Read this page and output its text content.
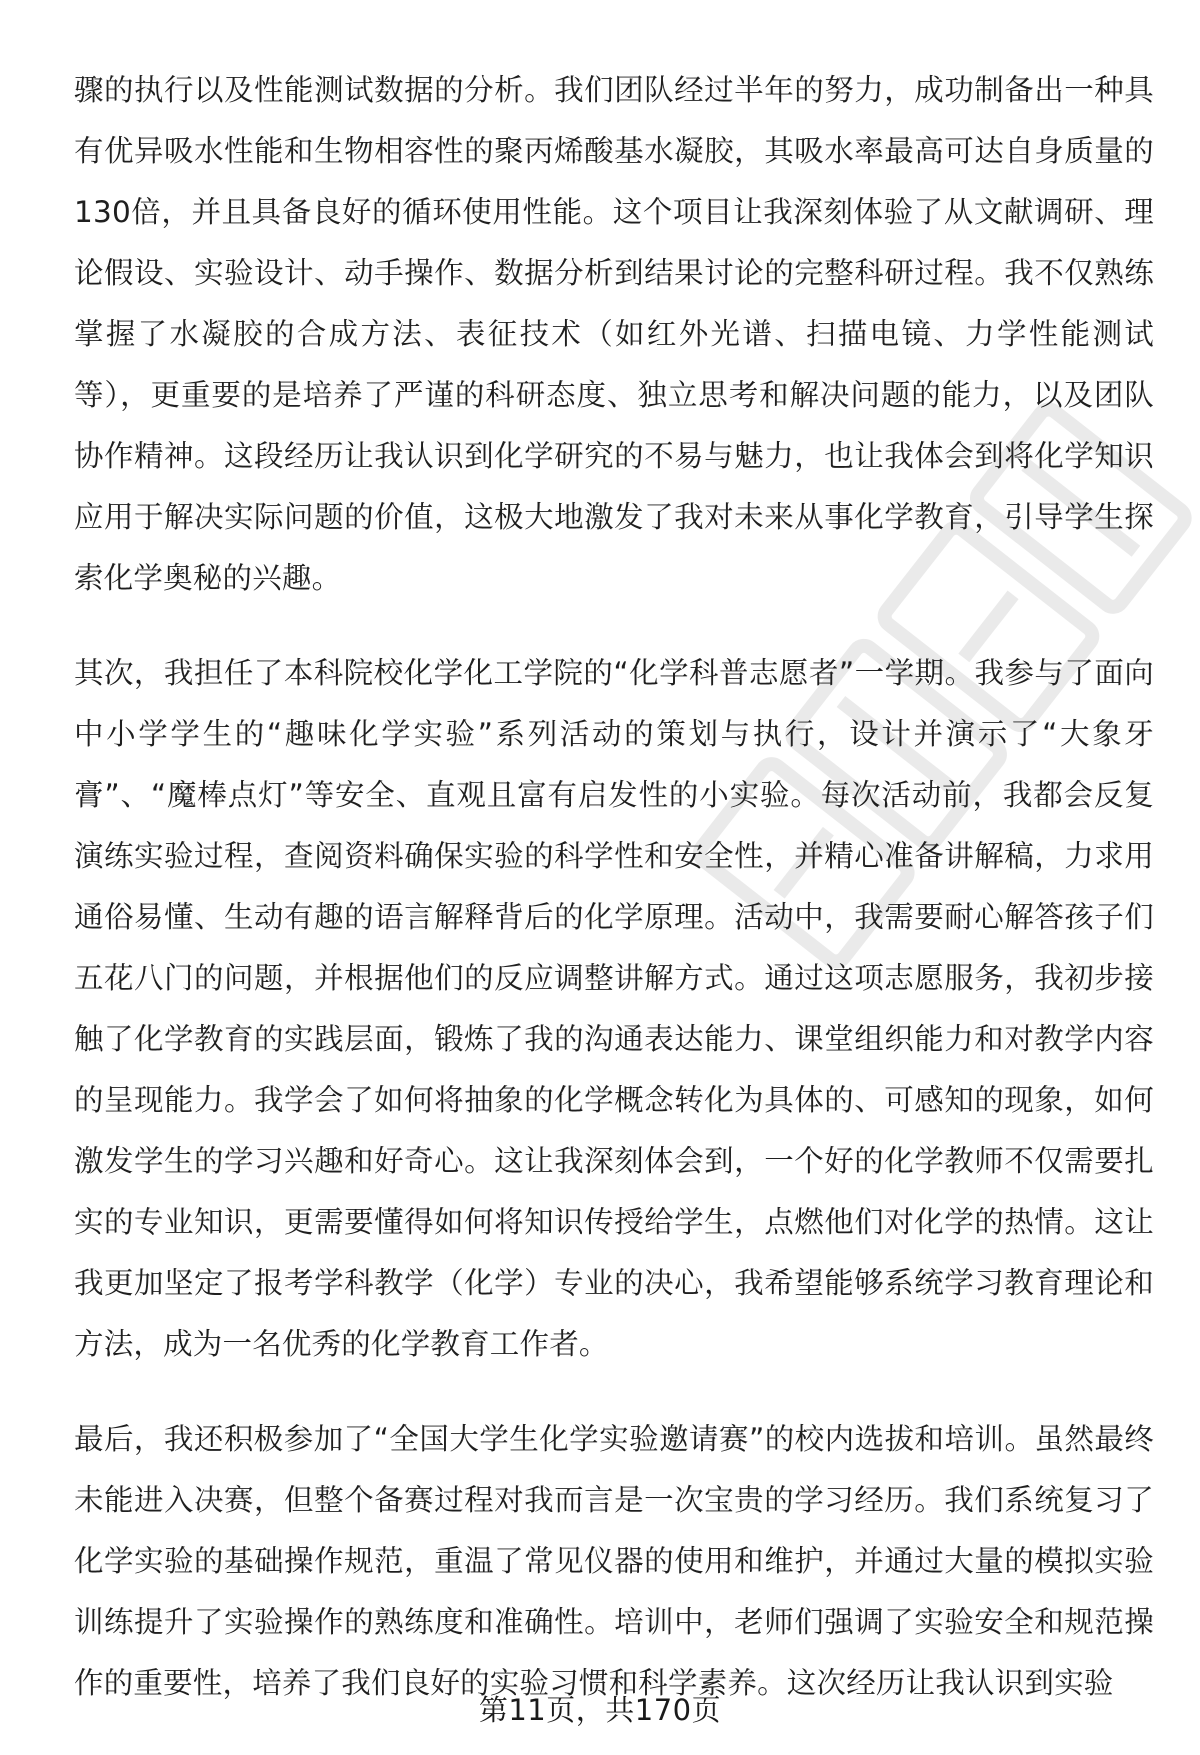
骤的执行以及性能测试数据的分析。我们团队经过半年的努力，成功制备出一种具有优异吸水性能和生物相容性的聚丙烯酸基水凝胶，其吸水率最高可达自身质量的130倍，并且具备良好的循环使用性能。这个项目让我深刻体验了从文献调研、理论假设、实验设计、动手操作、数据分析到结果讨论的完整科研过程。我不仅熟练掌握了水凝胶的合成方法、表征技术（如红外光谱、扫描电镜、力学性能测试等），更重要的是培养了严谨的科研态度、独立思考和解决问题的能力，以及团队协作精神。这段经历让我认识到化学研究的不易与魅力，也让我体会到将化学知识应用于解决实际问题的价值，这极大地激发了我对未来从事化学教育，引导学生探索化学奥秘的兴趣。

其次，我担任了本科院校化学化工学院的“化学科普志愿者”一学期。我参与了面向中小学学生的“趣味化学实验”系列活动的策划与执行，设计并演示了“大象牙膏”、“魔棒点灯”等安全、直观且富有启发性的小实验。每次活动前，我都会反复演练实验过程，查阅资料确保实验的科学性和安全性，并精心准备讲解稿，力求用通俗易懂、生动有趣的语言解释背后的化学原理。活动中，我需要耐心解答孩子们五花八门的问题，并根据他们的反应调整讲解方式。通过这项志愿服务，我初步接触了化学教育的实践层面，锻炼了我的沟通表达能力、课堂组织能力和对教学内容的呈现能力。我学会了如何将抽象的化学概念转化为具体的、可感知的现象，如何激发学生的学习兴趣和好奇心。这让我深刻体会到，一个好的化学教师不仅需要扎实的专业知识，更需要懂得如何将知识传授给学生，点燃他们对化学的热情。这让我更加坚定了报考学科教学（化学）专业的决心，我希望能够系统学习教育理论和方法，成为一名优秀的化学教育工作者。

最后，我还积极参加了“全国大学生化学实验邀请赛”的校内选拔和培训。虽然最终未能进入决赛，但整个备赛过程对我而言是一次宝贵的学习经历。我们系统复习了化学实验的基础操作规范，重温了常见仪器的使用和维护，并通过大量的模拟实验训练提升了实验操作的熟练度和准确性。培训中，老师们强调了实验安全和规范操作的重要性，培养了我们良好的实验习惯和科学素养。这次经历让我认识到实验

第11页，共170页
